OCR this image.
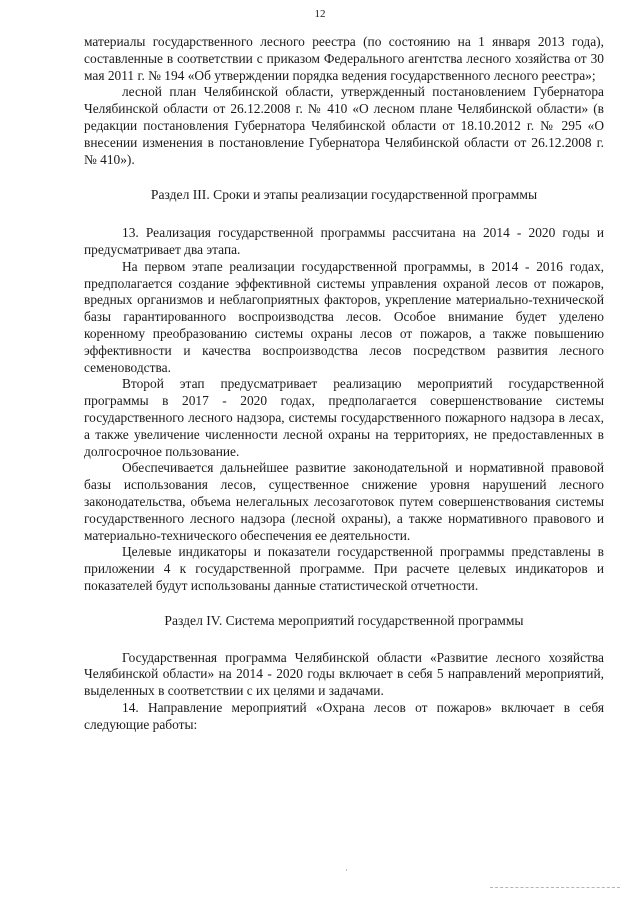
12

материалы государственного лесного реестра (по состоянию на 1 января 2013 года), составленные в соответствии с приказом Федерального агентства лесного хозяйства от 30 мая 2011 г. № 194 «Об утверждении порядка ведения государственного лесного реестра»;

лесной план Челябинской области, утвержденный постановлением Губернатора Челябинской области от 26.12.2008 г. № 410 «О лесном плане Челябинской области» (в редакции постановления Губернатора Челябинской области от 18.10.2012 г. № 295 «О внесении изменения в постановление Губернатора Челябинской области от 26.12.2008 г. № 410»).

Раздел III. Сроки и этапы реализации государственной программы

13. Реализация государственной программы рассчитана на 2014 - 2020 годы и предусматривает два этапа.

На первом этапе реализации государственной программы, в 2014 - 2016 годах, предполагается создание эффективной системы управления охраной лесов от пожаров, вредных организмов и неблагоприятных факторов, укрепление материально-технической базы гарантированного воспроизводства лесов. Особое внимание будет уделено коренному преобразованию системы охраны лесов от пожаров, а также повышению эффективности и качества воспроизводства лесов посредством развития лесного семеноводства.

Второй этап предусматривает реализацию мероприятий государственной программы в 2017 - 2020 годах, предполагается совершенствование системы государственного лесного надзора, системы государственного пожарного надзора в лесах, а также увеличение численности лесной охраны на территориях, не предоставленных в долгосрочное пользование.

Обеспечивается дальнейшее развитие законодательной и нормативной правовой базы использования лесов, существенное снижение уровня нарушений лесного законодательства, объема нелегальных лесозаготовок путем совершенствования системы государственного лесного надзора (лесной охраны), а также нормативного правового и материально-технического обеспечения ее деятельности.

Целевые индикаторы и показатели государственной программы представлены в приложении 4 к государственной программе. При расчете целевых индикаторов и показателей будут использованы данные статистической отчетности.

Раздел IV. Система мероприятий государственной программы

Государственная программа Челябинской области «Развитие лесного хозяйства Челябинской области» на 2014 - 2020 годы включает в себя 5 направлений мероприятий, выделенных в соответствии с их целями и задачами.

14. Направление мероприятий «Охрана лесов от пожаров» включает в себя следующие работы:

·
